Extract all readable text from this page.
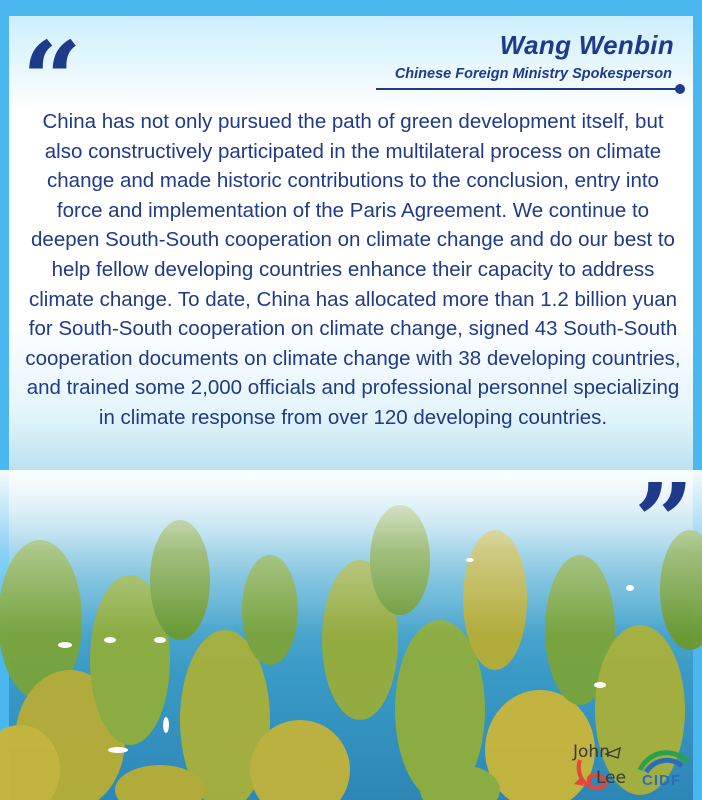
“	Wang Wenbin
Chinese Foreign Ministry Spokesperson
China has not only pursued the path of green development itself, but also constructively participated in the multilateral process on climate change and made historic contributions to the conclusion, entry into force and implementation of the Paris Agreement. We continue to deepen South-South cooperation on climate change and do our best to help fellow developing countries enhance their capacity to address climate change. To date, China has allocated more than 1.2 billion yuan for South-South cooperation on climate change, signed 43 South-South cooperation documents on climate change with 38 developing countries, and trained some 2,000 officials and professional personnel specializing in climate response from over 120 developing countries.
”
John
Lee CIDF
